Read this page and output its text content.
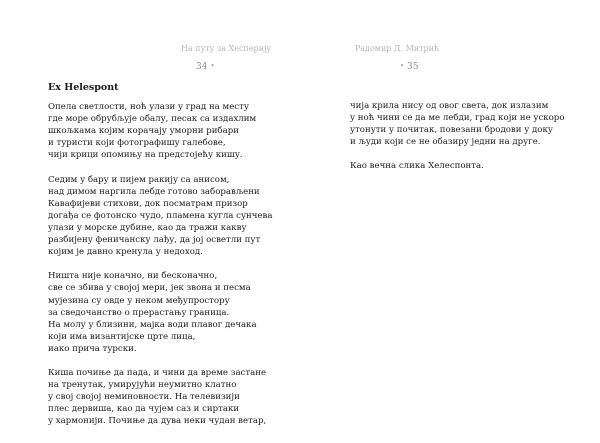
На путу за Хесперију
34 •
Ex Helespont

Опела светлости, ноћ улази у град на месту
где море обрубљује обалу, песак са издахлим
шкољкама којим корачају уморни рибари
и туристи који фотографишу галебове,
чији крици опомињу на предстојећу кишу.

Седим у бару и пијем ракију са анисом,
над димом наргила лебде готово заборављени
Кавафијеви стихови, док посматрам призор
догађа се фотонско чудо, пламена кугла сунчева
улази у морске дубине, као да тражи какву
разбијену феничанску лађу, да јој осветли пут
којим је давно кренула у недоход.

Ништа није коначно, ни бесконачно,
све се збива у својој мери, јек звона и песма
мујезина су овде у неком међупростору
за сведочанство о прерастању граница.
На молу у близини, мајка води плавог дечака
који има византијске црте лица,
иако прича турски.

Киша почиње да пада, и чини да време застане
на тренутак, умирујући неумитно клатно
у свој својој неминовности. На телевизији
плес дервиша, као да чујем саз и сиртаки
у хармонији. Почиње да дува неки чудан ветар,

Радомир Д. Митрић
• 35

чија крила нису од овог света, док излазим
у ноћ чини се да ме лебди, град који не ускоро
утонути у почитак, повезани бродови у доку
и људи који се не обазиру једни на друге.

Као вечна слика Хелеспонта.
